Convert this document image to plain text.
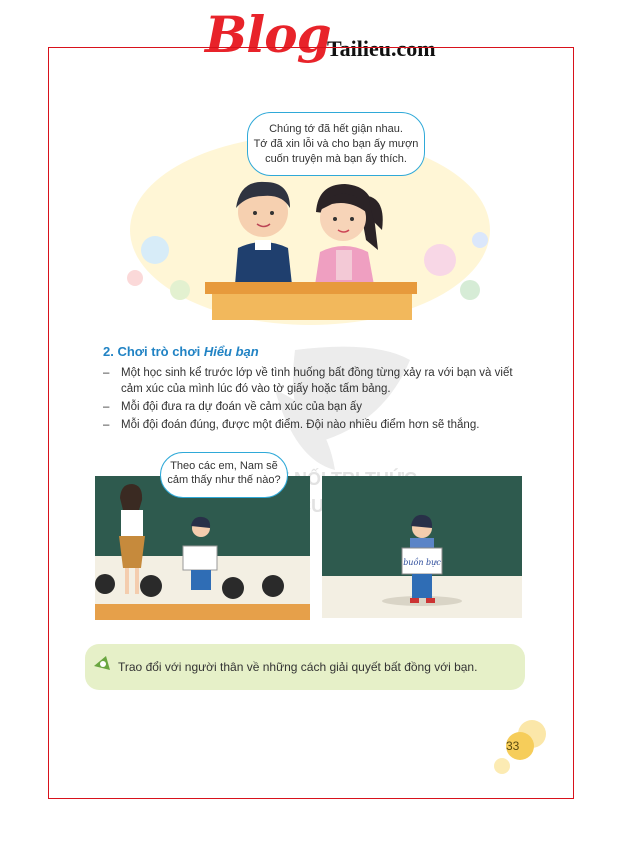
Blog
Tailieu.com
Chúng tớ đã hết giận nhau.
Tớ đã xin lỗi và cho bạn ấy mượn
cuốn truyện mà bạn ấy thích.
2. Chơi trò chơi Hiểu bạn
NỐI
– Một học sinh kể trước lớp về tình huống bất đồng từng xảy ra với bạn và viết cảm xúc của mình lúc đó vào tờ giấy hoặc tấm bảng.
– Mỗi đội đưa ra dự đoán về cảm xúc của bạn ấy
– Mỗi đội đoán đúng, được một điểm. Đội nào nhiều điểm hơn sẽ thắng.
Theo các em, Nam sẽ
cảm thấy như thế nào?
buồn bực
Trao đổi với người thân về những cách giải quyết bất đồng với bạn.
33
